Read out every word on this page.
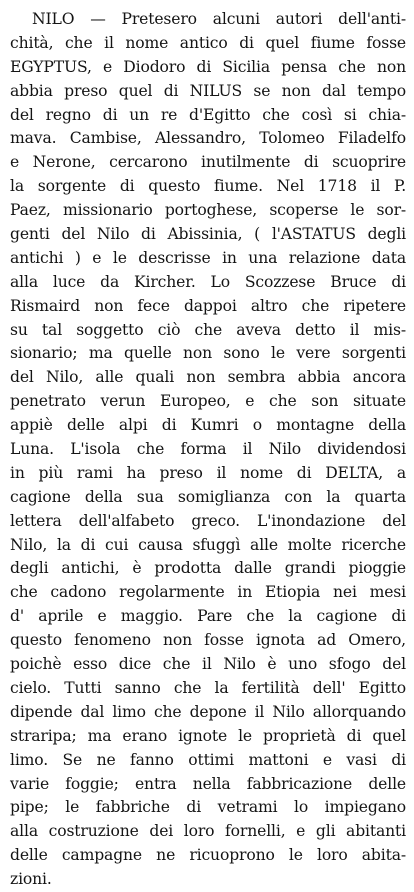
NILO — Pretesero alcuni autori dell'anti-
chità, che il nome antico di quel fiume fosse
EGYPTUS, e Diodoro di Sicilia pensa che non
abbia preso quel di NILUS se non dal tempo
del regno di un re d'Egitto che così si chia-
mava. Cambise, Alessandro, Tolomeo Filadelfo
e Nerone, cercarono inutilmente di scuoprire
la sorgente di questo fiume. Nel 1718 il P.
Paez, missionario portoghese, scoperse le sor-
genti del Nilo di Abissinia, ( l'ASTATUS degli
antichi ) e le descrisse in una relazione data
alla luce da Kircher. Lo Scozzese Bruce di
Rismaird non fece dappoi altro che ripetere
su tal soggetto ciò che aveva detto il mis-
sionario; ma quelle non sono le vere sorgenti
del Nilo, alle quali non sembra abbia ancora
penetrato verun Europeo, e che son situate
appiè delle alpi di Kumri o montagne della
Luna. L'isola che forma il Nilo dividendosi
in più rami ha preso il nome di DELTA, a
cagione della sua somiglianza con la quarta
lettera dell'alfabeto greco. L'inondazione del
Nilo, la di cui causa sfuggì alle molte ricerche
degli antichi, è prodotta dalle grandi pioggie
che cadono regolarmente in Etiopia nei mesi
d' aprile e maggio. Pare che la cagione di
questo fenomeno non fosse ignota ad Omero,
poichè esso dice che il Nilo è uno sfogo del
cielo. Tutti sanno che la fertilità dell' Egitto
dipende dal limo che depone il Nilo allorquando
straripa; ma erano ignote le proprietà di quel
limo. Se ne fanno ottimi mattoni e vasi di
varie foggie; entra nella fabbricazione delle
pipe; le fabbriche di vetrami lo impiegano
alla costruzione dei loro fornelli, e gli abitanti
delle campagne ne ricuoprono le loro abita-
zioni.
